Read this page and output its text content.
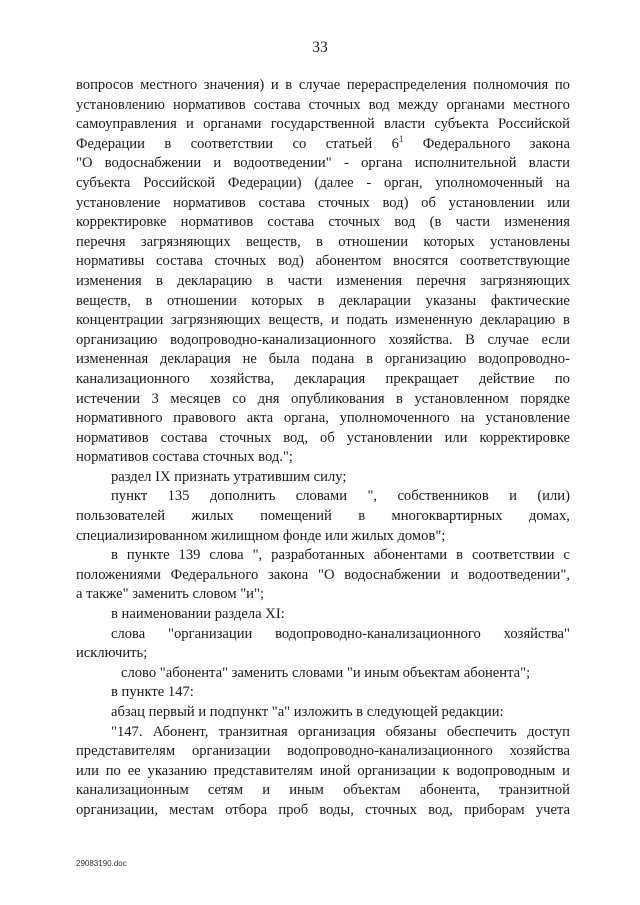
33
вопросов местного значения) и в случае перераспределения полномочия по
установлению нормативов состава сточных вод между органами местного
самоуправления и органами государственной власти субъекта Российской
Федерации в соответствии со статьей $6^1$ Федерального закона
"О водоснабжении и водоотведении" - органа исполнительной власти
субъекта Российской Федерации) (далее - орган, уполномоченный на
установление нормативов состава сточных вод) об установлении или
корректировке нормативов состава сточных вод (в части изменения
перечня загрязняющих веществ, в отношении которых установлены
нормативы состава сточных вод) абонентом вносятся соответствующие
изменения в декларацию в части изменения перечня загрязняющих
веществ, в отношении которых в декларации указаны фактические
концентрации загрязняющих веществ, и подать измененную декларацию в
организацию водопроводно-канализационного хозяйства. В случае если
измененная декларация не была подана в организацию водопроводно-
канализационного хозяйства, декларация прекращает действие по
истечении 3 месяцев со дня опубликования в установленном порядке
нормативного правового акта органа, уполномоченного на установление
нормативов состава сточных вод, об установлении или корректировке
нормативов состава сточных вод.";
раздел IX признать утратившим силу;
пункт 135 дополнить словами ", собственников и (или)
пользователей жилых помещений в многоквартирных домах,
специализированном жилищном фонде или жилых домов";
в пункте 139 слова ", разработанных абонентами в соответствии с
положениями Федерального закона "О водоснабжении и водоотведении",
а также" заменить словом "и";
в наименовании раздела XI:
слова "организации водопроводно-канализационного хозяйства"
исключить;
слово "абонента" заменить словами "и иным объектам абонента";
в пункте 147:
абзац первый и подпункт "а" изложить в следующей редакции:
"147. Абонент, транзитная организация обязаны обеспечить доступ
представителям организации водопроводно-канализационного хозяйства
или по ее указанию представителям иной организации к водопроводным и
канализационным сетям и иным объектам абонента, транзитной
организации, местам отбора проб воды, сточных вод, приборам учета
29083190.doc
